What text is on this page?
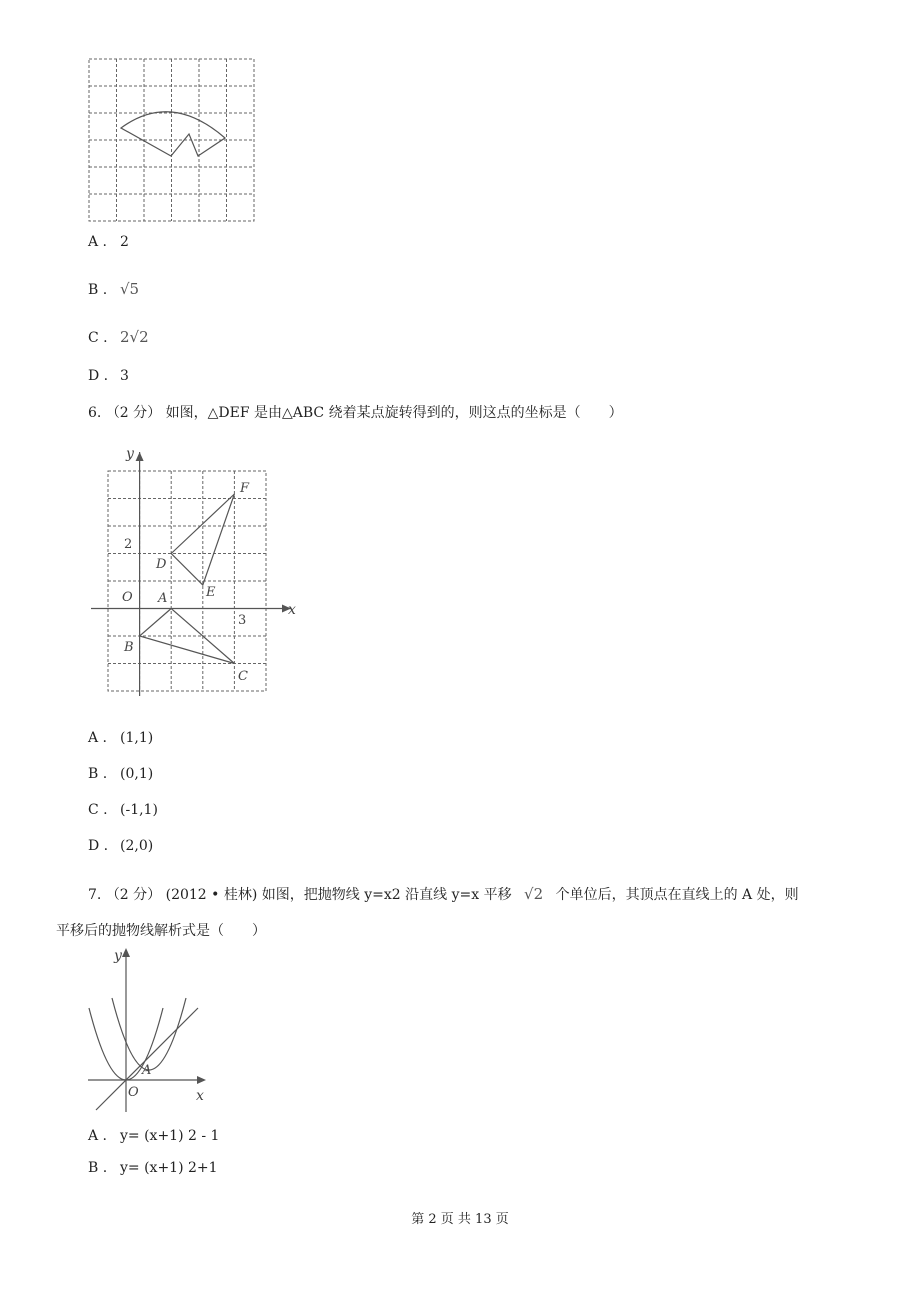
A . 2
B . √5
C . 2√2
D . 3
6. （2 分） 如图，△DEF 是由△ABC 绕着某点旋转得到的，则这点的坐标是（　　）
y
x
O
2
3
A
B
C
D
E
F
A . (1,1)
B . (0,1)
C . (-1,1)
D . (2,0)
7. （2 分） (2012 • 桂林) 如图，把抛物线 y=x2 沿直线 y=x 平移 √2 个单位后，其顶点在直线上的 A 处，则
平移后的抛物线解析式是（　　）
y
x
O
A
A . y= (x+1) 2 - 1
B . y= (x+1) 2+1
第 2 页 共 13 页
